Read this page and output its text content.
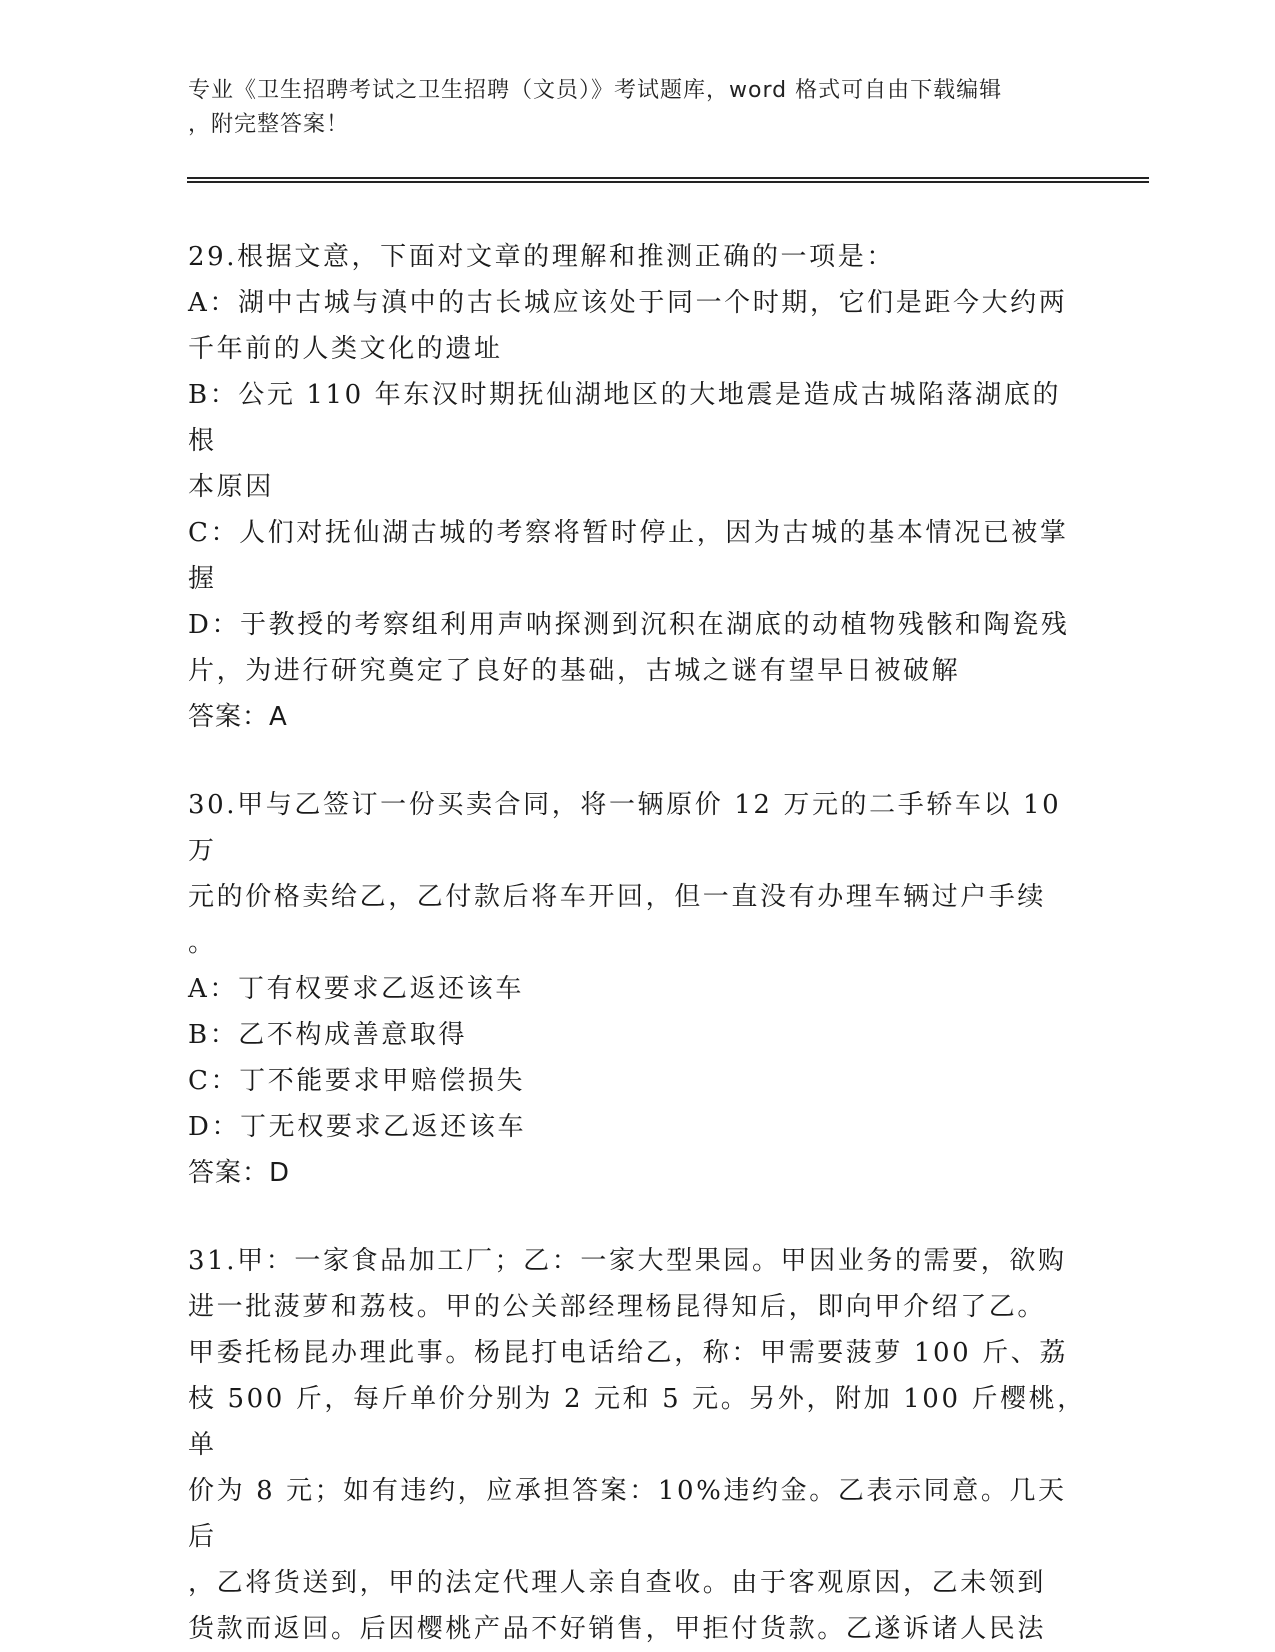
专业《卫生招聘考试之卫生招聘（文员）》考试题库，word 格式可自由下载编辑

，附完整答案！

29.根据文意，下面对文章的理解和推测正确的一项是：

A：湖中古城与滇中的古长城应该处于同一个时期，它们是距今大约两

千年前的人类文化的遗址

B：公元 110 年东汉时期抚仙湖地区的大地震是造成古城陷落湖底的根

本原因

C：人们对抚仙湖古城的考察将暂时停止，因为古城的基本情况已被掌

握

D：于教授的考察组利用声呐探测到沉积在湖底的动植物残骸和陶瓷残

片，为进行研究奠定了良好的基础，古城之谜有望早日被破解

答案：A

30.甲与乙签订一份买卖合同，将一辆原价 12 万元的二手轿车以 10 万

元的价格卖给乙，乙付款后将车开回，但一直没有办理车辆过户手续

。

A：丁有权要求乙返还该车

B：乙不构成善意取得

C：丁不能要求甲赔偿损失

D：丁无权要求乙返还该车

答案：D

31.甲：一家食品加工厂；乙：一家大型果园。甲因业务的需要，欲购

进一批菠萝和荔枝。甲的公关部经理杨昆得知后，即向甲介绍了乙。

甲委托杨昆办理此事。杨昆打电话给乙，称：甲需要菠萝 100 斤、荔

枝 500 斤，每斤单价分别为 2 元和 5 元。另外，附加 100 斤樱桃，单

价为 8 元；如有违约，应承担答案：10%违约金。乙表示同意。几天后

，乙将货送到，甲的法定代理人亲自查收。由于客观原因，乙未领到

货款而返回。后因樱桃产品不好销售，甲拒付货款。乙遂诉诸人民法
